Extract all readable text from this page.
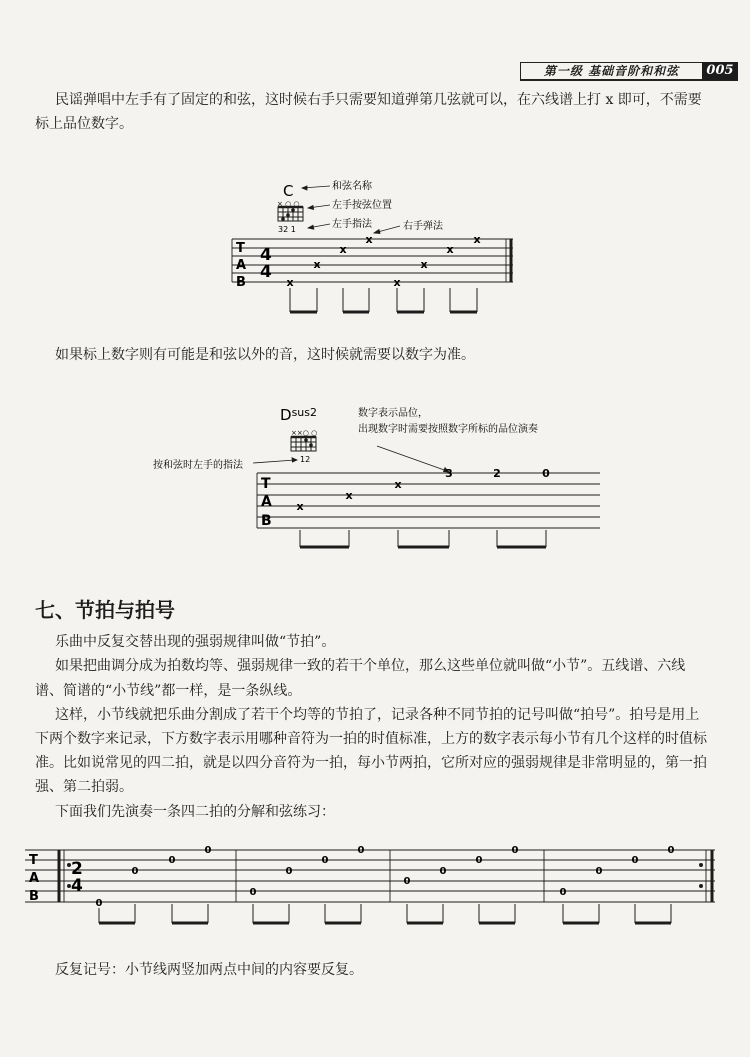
第一级 基础音阶和和弦	005
民谣弹唱中左手有了固定的和弦，这时候右手只需要知道弹第几弦就可以，在六线谱上打 x 即可，不需要
标上品位数字。
C
× ○ ○
32 1
和弦名称
左手按弦位置
左手指法	右手弹法
T
A
B
4
4
x
x
x
x
x
x
x
x
如果标上数字则有可能是和弦以外的音，这时候就需要以数字为准。
$D^{sus2}$
××○ ○
12
按和弦时左手的指法
数字表示品位，
出现数字时需要按照数字所标的品位演奏
T
A
B
x
x
x
3	2	0
七、节拍与拍号
乐曲中反复交替出现的强弱规律叫做“节拍”。
如果把曲调分成为拍数均等、强弱规律一致的若干个单位，那么这些单位就叫做“小节”。五线谱、六线
谱、简谱的“小节线”都一样，是一条纵线。
这样，小节线就把乐曲分割成了若干个均等的节拍了，记录各种不同节拍的记号叫做“拍号”。拍号是用上
下两个数字来记录，下方数字表示用哪种音符为一拍的时值标准，上方的数字表示每小节有几个这样的时值标
准。比如说常见的四二拍，就是以四分音符为一拍，每小节两拍，它所对应的强弱规律是非常明显的，第一拍
强、第二拍弱。
下面我们先演奏一条四二拍的分解和弦练习：
T
A
B
2
4
0
0
0
0
0
0
0
0
0
0
0
0
0
0
0
0
反复记号：小节线两竖加两点中间的内容要反复。
